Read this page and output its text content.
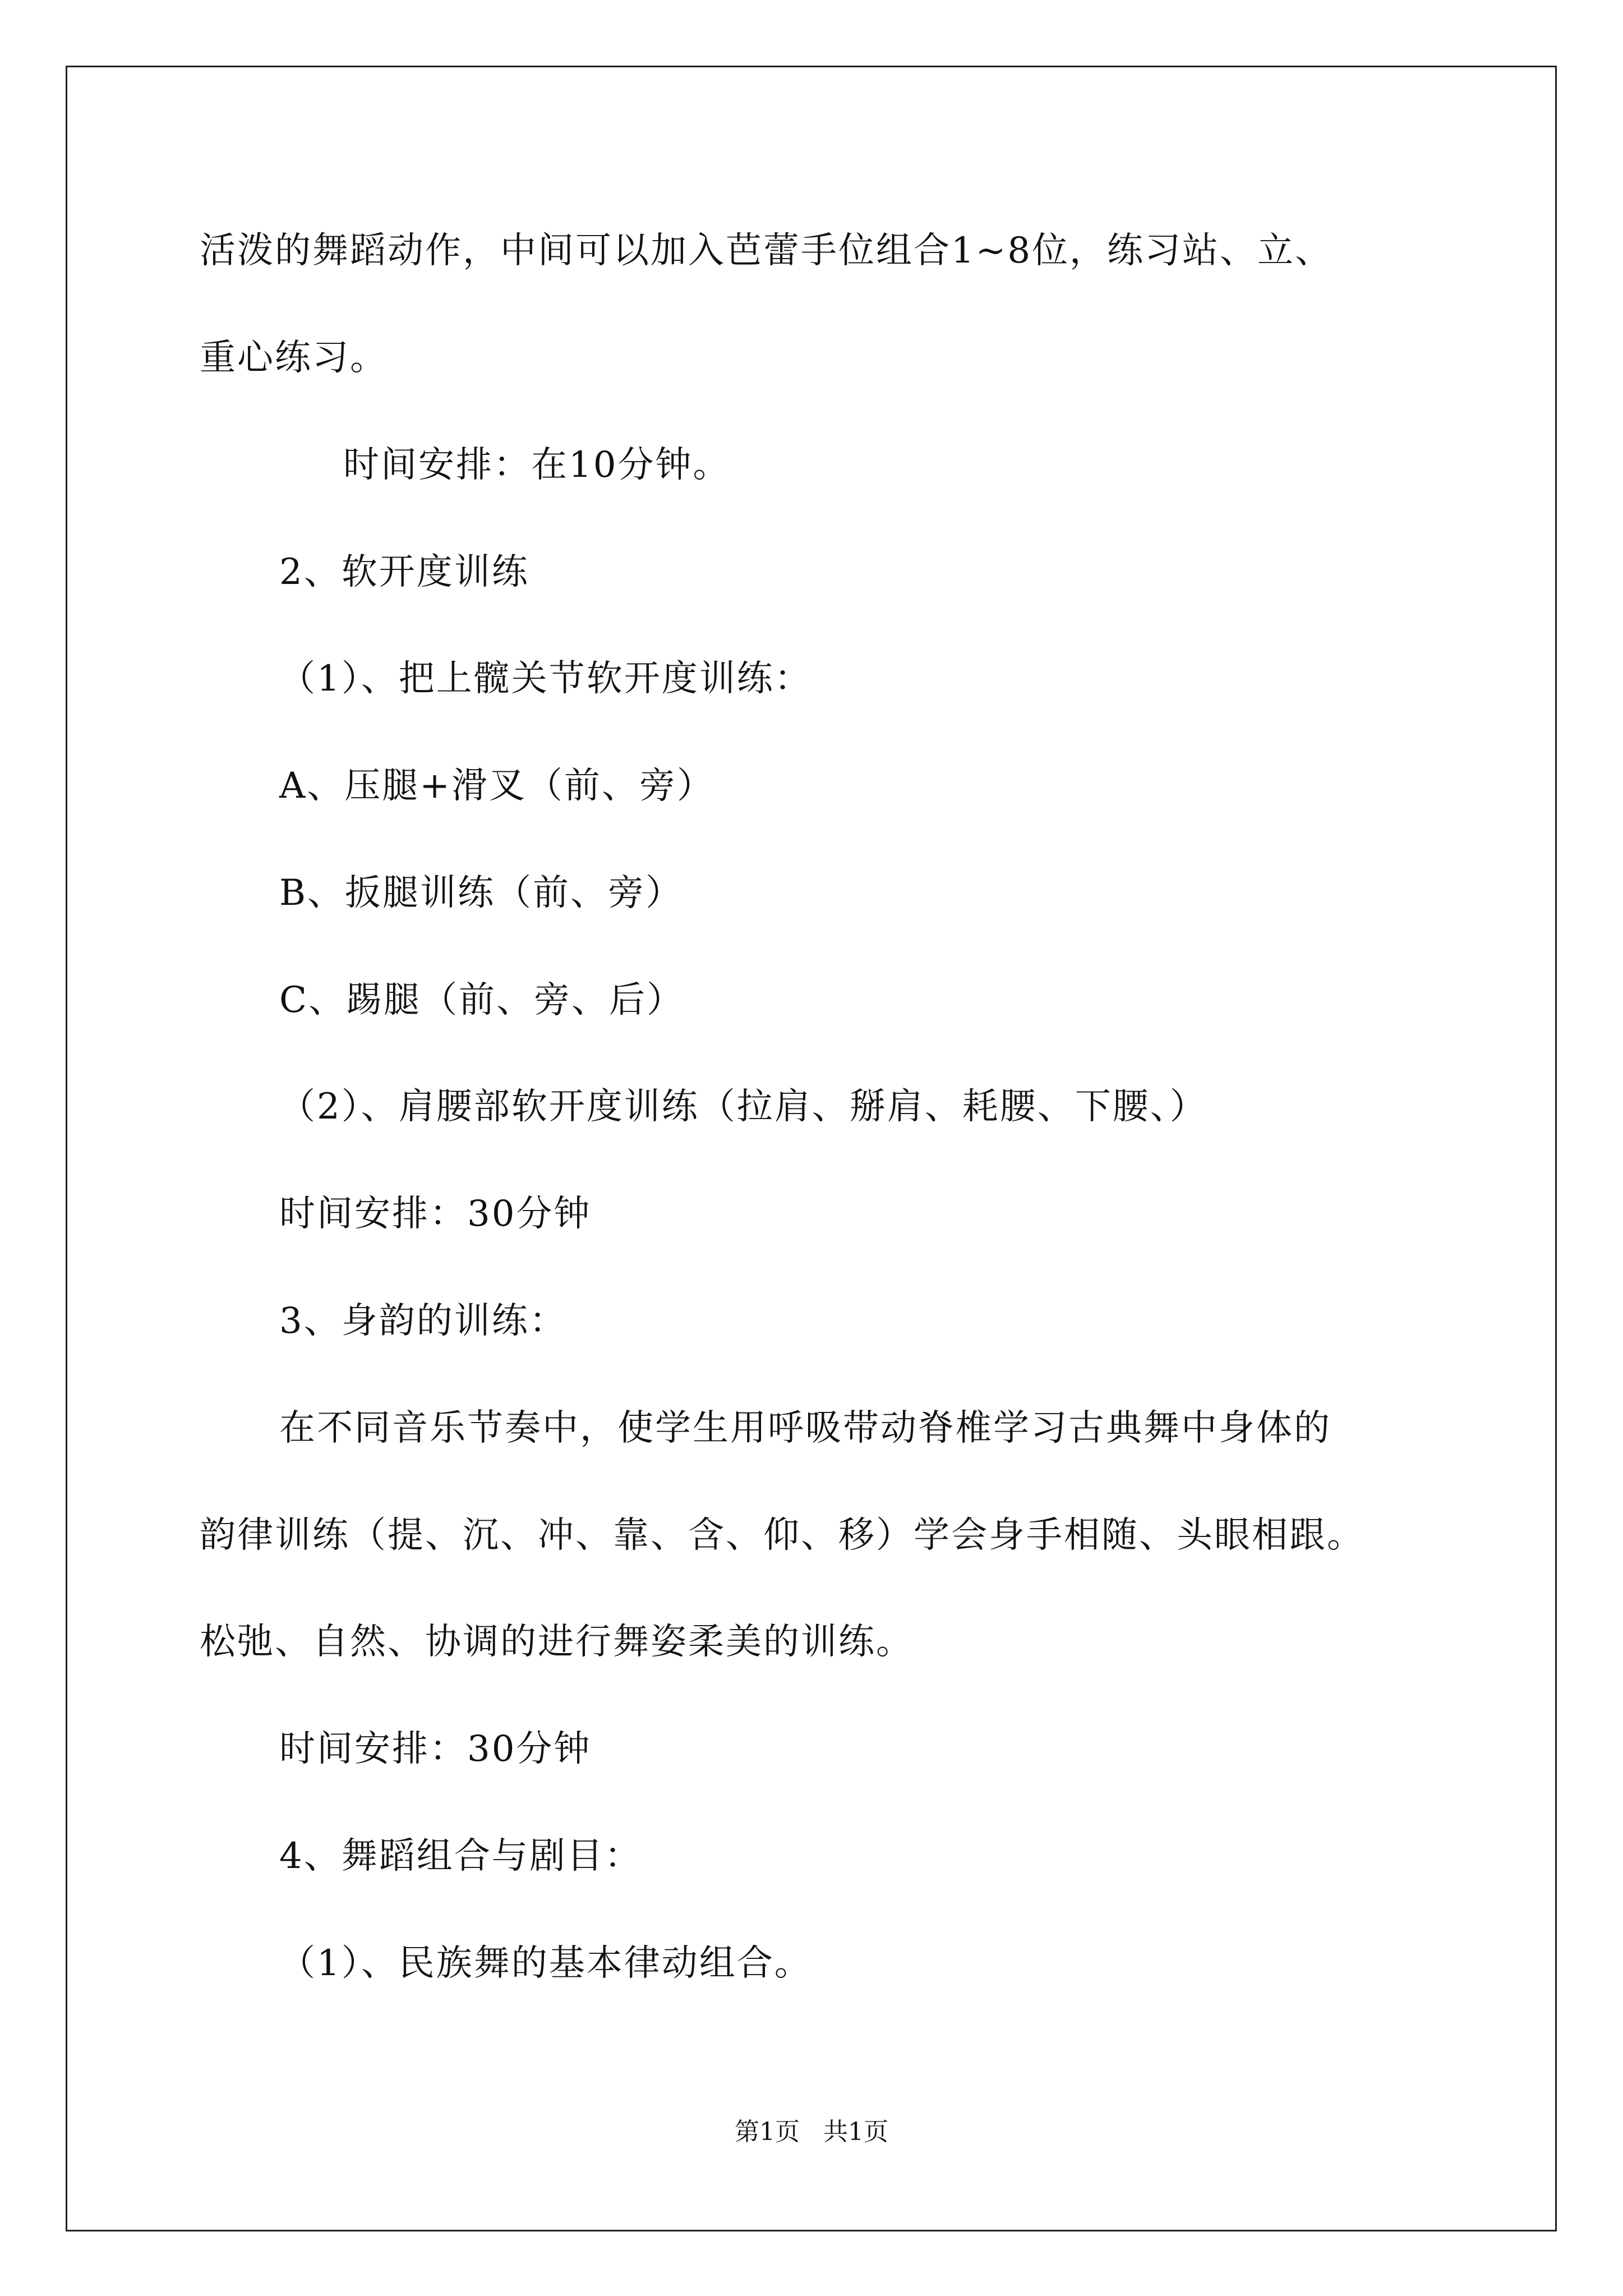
活泼的舞蹈动作，中间可以加入芭蕾手位组合1~8位，练习站、立、
重心练习。
时间安排：在10分钟。
2、软开度训练
（1）、把上髋关节软开度训练：
A、压腿+滑叉（前、旁）
B、扳腿训练（前、旁）
C、踢腿（前、旁、后）
（2）、肩腰部软开度训练（拉肩、掰肩、耗腰、下腰、）
时间安排：30分钟
3、身韵的训练：
在不同音乐节奏中，使学生用呼吸带动脊椎学习古典舞中身体的
韵律训练（提、沉、冲、靠、含、仰、移）学会身手相随、头眼相跟。
松弛、自然、协调的进行舞姿柔美的训练。
时间安排：30分钟
4、舞蹈组合与剧目：
（1）、民族舞的基本律动组合。
第1页   共1页
